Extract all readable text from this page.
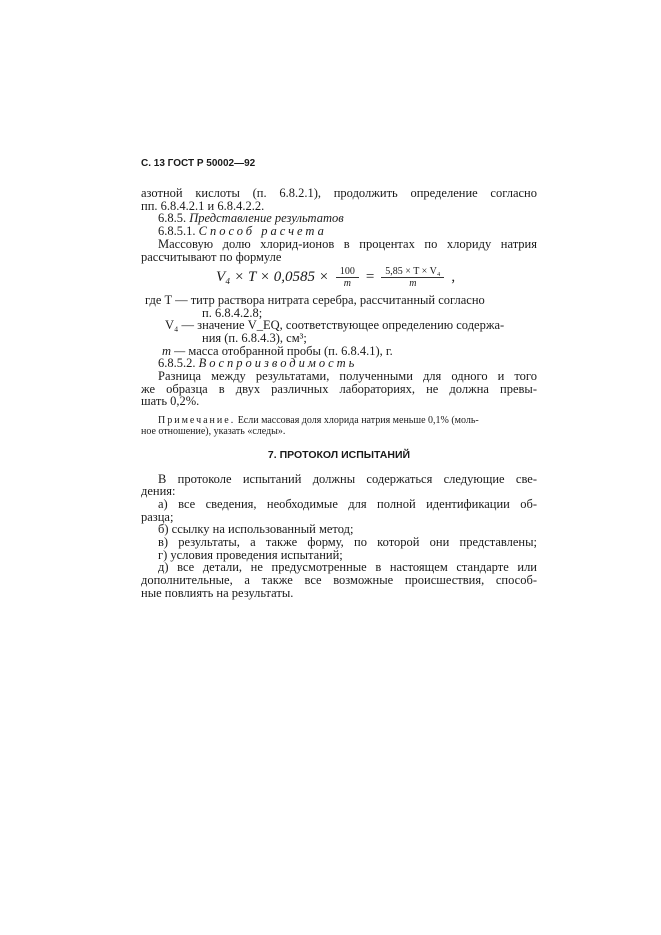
С. 13 ГОСТ Р 50002—92
азотной кислоты (п. 6.8.2.1), продолжить определение согласно
пп. 6.8.4.2.1 и 6.8.4.2.2.
6.8.5. Представление результатов
6.8.5.1. Способ расчета
Массовую долю хлорид-ионов в процентах по хлориду натрия
рассчитывают по формуле
$V_4 \times T \times 0,0585 \times \frac{100}{m} = \frac{\text{5,85 × T × V₄}}{m}$ ,
где T — титр раствора нитрата серебра, рассчитанный согласно
п. 6.8.4.2.8;
V₄ — значение V_EQ, соответствующее определению содержа-
ния (п. 6.8.4.3), см³;
m — масса отобранной пробы (п. 6.8.4.1), г.
6.8.5.2. Воспроизводимость
Разница между результатами, полученными для одного и того
же образца в двух различных лабораториях, не должна превы-
шать 0,2%.
Примечание. Если массовая доля хлорида натрия меньше 0,1% (моль-
ное отношение), указать «следы».
7. ПРОТОКОЛ ИСПЫТАНИЙ
В протоколе испытаний должны содержаться следующие све-
дения:
а) все сведения, необходимые для полной идентификации об-
разца;
б) ссылку на использованный метод;
в) результаты, а также форму, по которой они представлены;
г) условия проведения испытаний;
д) все детали, не предусмотренные в настоящем стандарте или
дополнительные, а также все возможные происшествия, способ-
ные повлиять на результаты.
